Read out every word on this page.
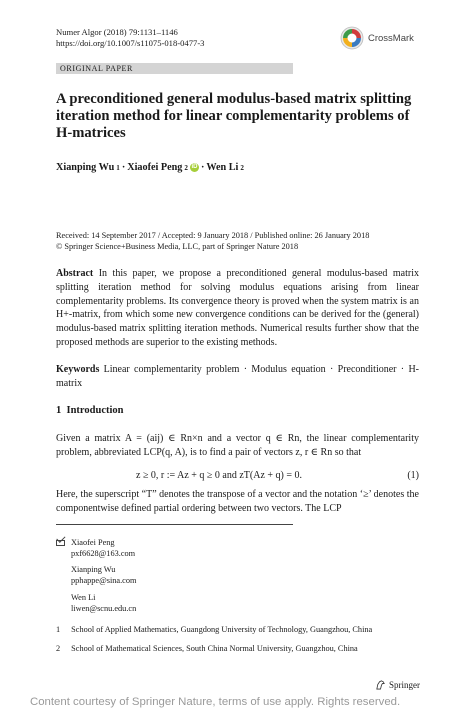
Numer Algor (2018) 79:1131–1146
https://doi.org/10.1007/s11075-018-0477-3	CrossMark
ORIGINAL PAPER
A preconditioned general modulus-based matrix splitting iteration method for linear complementarity problems of H-matrices
Xianping Wu 1 · Xiaofei Peng 2 iD · Wen Li 2
Received: 14 September 2017 / Accepted: 9 January 2018 / Published online: 26 January 2018
© Springer Science+Business Media, LLC, part of Springer Nature 2018
Abstract In this paper, we propose a preconditioned general modulus-based matrix splitting iteration method for solving modulus equations arising from linear complementarity problems. Its convergence theory is proved when the system matrix is an H+-matrix, from which some new convergence conditions can be derived for the (general) modulus-based matrix splitting iteration methods. Numerical results further show that the proposed methods are superior to the existing methods.
Keywords Linear complementarity problem · Modulus equation · Preconditioner · H-matrix
1 Introduction
Given a matrix A = (aij) ∈ Rn×n and a vector q ∈ Rn, the linear complementarity problem, abbreviated LCP(q, A), is to find a pair of vectors z, r ∈ Rn so that
z ≥ 0, r := Az + q ≥ 0 and zT(Az + q) = 0.	(1)
Here, the superscript “T” denotes the transpose of a vector and the notation ‘≥’ denotes the componentwise defined partial ordering between two vectors. The LCP
Xiaofei Peng
pxf6628@163.com
Xianping Wu
pphappe@sina.com
Wen Li
liwen@scnu.edu.cn
1 School of Applied Mathematics, Guangdong University of Technology, Guangzhou, China
2 School of Mathematical Sciences, South China Normal University, Guangzhou, China
Springer
Content courtesy of Springer Nature, terms of use apply. Rights reserved.
